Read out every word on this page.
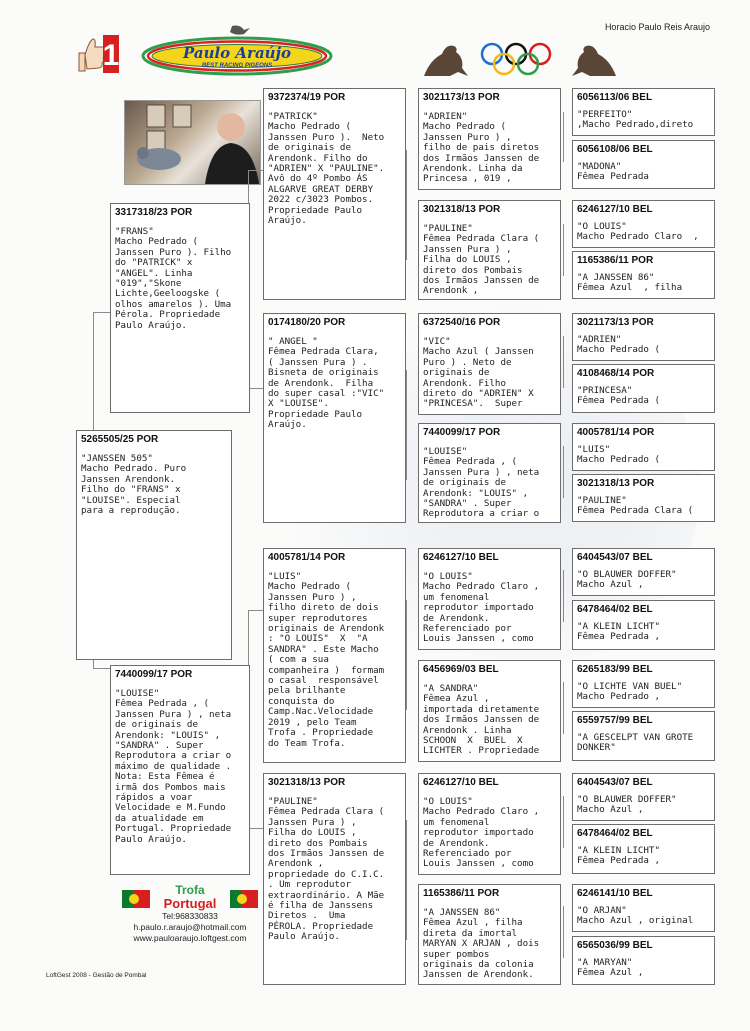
Horacio Paulo Reis Araujo
1	Paulo Araújo
BEST RACING PIGEONS
5265505/25 POR
"JANSSEN 505"
Macho Pedrado. Puro
Janssen Arendonk.
Filho do "FRANS" x
"LOUISE". Especial
para a reprodução.
3317318/23 POR
"FRANS"
Macho Pedrado (
Janssen Puro ). Filho
do "PATRICK" x
"ANGEL". Linha
"019","Skone
Lichte,Geeloogske (
olhos amarelos ). Uma
Pérola. Propriedade
Paulo Araújo.
7440099/17 POR
"LOUISE"
Fêmea Pedrada , (
Janssen Pura ) , neta
de originais de
Arendonk: "LOUIS" ,
"SANDRA" . Super
Reprodutora a criar o
máximo de qualidade .
Nota: Esta Fêmea é
irmã dos Pombos mais
rápidos a voar
Velocidade e M.Fundo
da atualidade em
Portugal. Propriedade
Paulo Araújo.
9372374/19 POR
"PATRICK"
Macho Pedrado (
Janssen Puro ).  Neto
de originais de
Arendonk. Filho do
"ADRIEN" X "PAULINE".
Avô do 4º Pombo ÁS
ALGARVE GREAT DERBY
2022 c/3023 Pombos.
Propriedade Paulo
Araújo.
0174180/20 POR
" ANGEL "
Fêmea Pedrada Clara,
( Janssen Pura ) .
Bisneta de originais
de Arendonk.  Filha
do super casal :"VIC"
X "LOUISE".
Propriedade Paulo
Araújo.
4005781/14 POR
"LUIS"
Macho Pedrado (
Janssen Puro ) ,
filho direto de dois
super reprodutores
originais de Arendonk
: "O LOUIS"  X  "A
SANDRA" . Este Macho
( com a sua
companheira )  formam
o casal  responsável
pela brilhante
conquista do
Camp.Nac.Velocidade
2019 , pelo Team
Trofa . Propriedade
do Team Trofa.
3021318/13 POR
"PAULINE"
Fêmea Pedrada Clara (
Janssen Pura ) ,
Filha do LOUIS ,
direto dos Pombais
dos Irmãos Janssen de
Arendonk ,
propriedade do C.I.C.
. Um reprodutor
extraordinário. A Mãe
é filha de Janssens
Diretos .  Uma
PÉROLA. Propriedade
Paulo Araújo.
3021173/13 POR
"ADRIEN"
Macho Pedrado (
Janssen Puro ) ,
filho de pais diretos
dos Irmãos Janssen de
Arendonk. Linha da
Princesa , 019 ,
3021318/13 POR
"PAULINE"
Fêmea Pedrada Clara (
Janssen Pura ) ,
Filha do LOUIS ,
direto dos Pombais
dos Irmãos Janssen de
Arendonk ,
6372540/16 POR
"VIC"
Macho Azul ( Janssen
Puro ) . Neto de
originais de
Arendonk. Filho
direto do "ADRIEN" X
"PRINCESA".  Super
7440099/17 POR
"LOUISE"
Fêmea Pedrada , (
Janssen Pura ) , neta
de originais de
Arendonk: "LOUIS" ,
"SANDRA" . Super
Reprodutora a criar o
6246127/10 BEL
"O LOUIS"
Macho Pedrado Claro ,
um fenomenal
reprodutor importado
de Arendonk.
Referenciado por
Louis Janssen , como
6456969/03 BEL
"A SANDRA"
Fêmea Azul ,
importada diretamente
dos Irmãos Janssen de
Arendonk . Linha
SCHOON  X  BUEL  X
LICHTER . Propriedade
6246127/10 BEL
"O LOUIS"
Macho Pedrado Claro ,
um fenomenal
reprodutor importado
de Arendonk.
Referenciado por
Louis Janssen , como
1165386/11 POR
"A JANSSEN 86"
Fêmea Azul , filha
direta da imortal
MARYAN X ARJAN , dois
super pombos
originais da colonia
Janssen de Arendonk.
6056113/06 BEL
"PERFEITO"
,Macho Pedrado,direto
6056108/06 BEL
"MADONA"
Fêmea Pedrada
6246127/10 BEL
"O LOUIS"
Macho Pedrado Claro  ,
1165386/11 POR
"A JANSSEN 86"
Fêmea Azul  , filha
3021173/13 POR
"ADRIEN"
Macho Pedrado (
4108468/14 POR
"PRINCESA"
Fêmea Pedrada (
4005781/14 POR
"LUIS"
Macho Pedrado (
3021318/13 POR
"PAULINE"
Fêmea Pedrada Clara (
6404543/07 BEL
"O BLAUWER DOFFER"
Macho Azul ,
6478464/02 BEL
"A KLEIN LICHT"
Fêmea Pedrada ,
6265183/99 BEL
"O LICHTE VAN BUEL"
Macho Pedrado ,
6559757/99 BEL
"A GESCELPT VAN GROTE
DONKER"
6404543/07 BEL
"O BLAUWER DOFFER"
Macho Azul ,
6478464/02 BEL
"A KLEIN LICHT"
Fêmea Pedrada ,
6246141/10 BEL
"O ARJAN"
Macho Azul , original
6565036/99 BEL
"A MARYAN"
Fêmea Azul ,
Trofa
Portugal
Tel:968330833
h.paulo.r.araujo@hotmail.com
www.pauloaraujo.loftgest.com
LoftGest 2008 - Gestão de Pombal
